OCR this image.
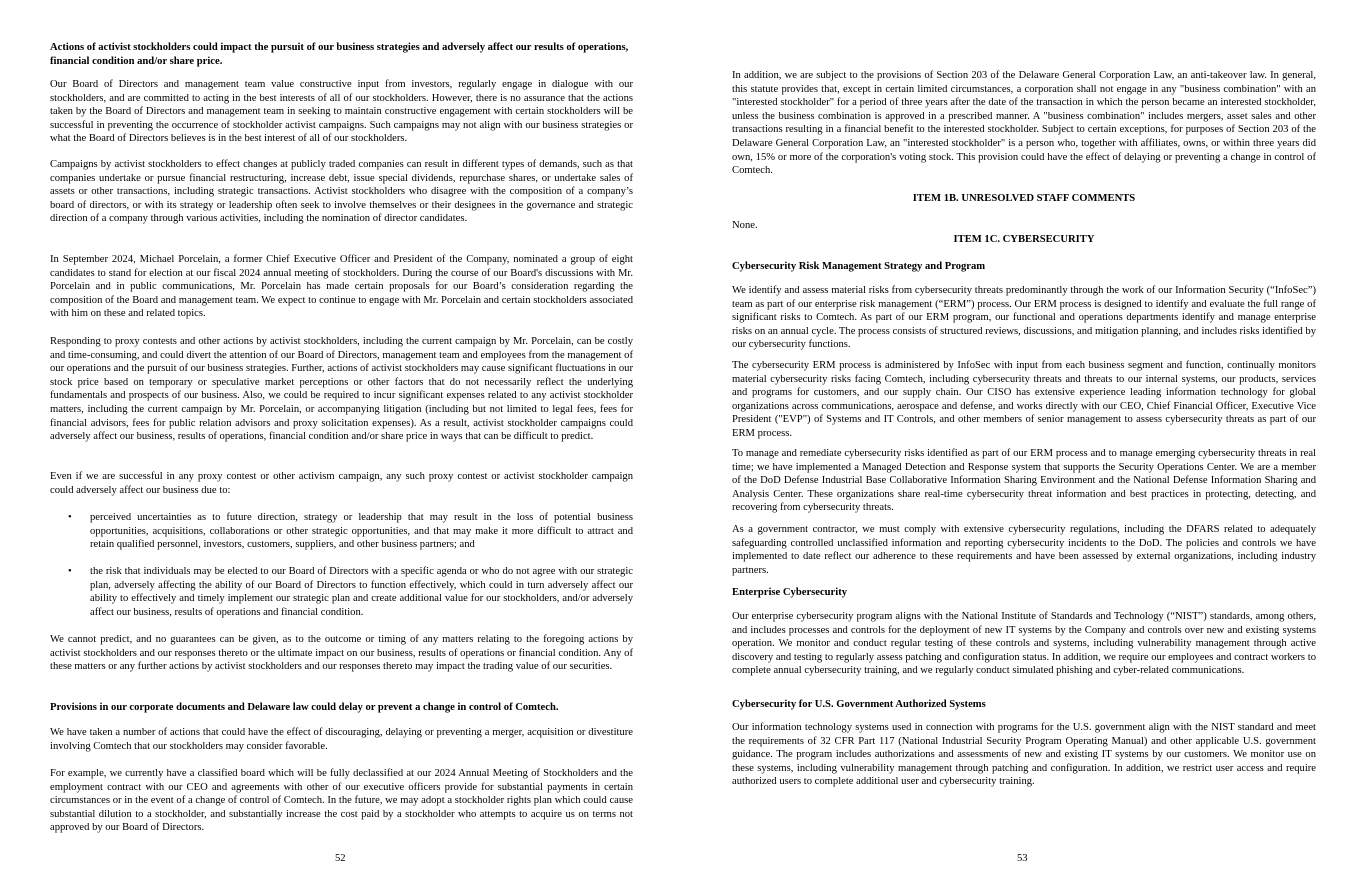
Actions of activist stockholders could impact the pursuit of our business strategies and adversely affect our results of operations, financial condition and/or share price.

Our Board of Directors and management team value constructive input from investors, regularly engage in dialogue with our stockholders, and are committed to acting in the best interests of all of our stockholders. However, there is no assurance that the actions taken by the Board of Directors and management team in seeking to maintain constructive engagement with certain stockholders will be successful in preventing the occurrence of stockholder activist campaigns. Such campaigns may not align with our business strategies or what the Board of Directors believes is in the best interest of all of our stockholders.

Campaigns by activist stockholders to effect changes at publicly traded companies can result in different types of demands, such as that companies undertake or pursue financial restructuring, increase debt, issue special dividends, repurchase shares, or undertake sales of assets or other transactions, including strategic transactions. Activist stockholders who disagree with the composition of a company’s board of directors, or with its strategy or leadership often seek to involve themselves or their designees in the governance and strategic direction of a company through various activities, including the nomination of director candidates.

In September 2024, Michael Porcelain, a former Chief Executive Officer and President of the Company, nominated a group of eight candidates to stand for election at our fiscal 2024 annual meeting of stockholders. During the course of our Board's discussions with Mr. Porcelain and in public communications, Mr. Porcelain has made certain proposals for our Board’s consideration regarding the composition of the Board and management team. We expect to continue to engage with Mr. Porcelain and certain stockholders associated with him on these and related topics.

Responding to proxy contests and other actions by activist stockholders, including the current campaign by Mr. Porcelain, can be costly and time-consuming, and could divert the attention of our Board of Directors, management team and employees from the management of our operations and the pursuit of our business strategies. Further, actions of activist stockholders may cause significant fluctuations in our stock price based on temporary or speculative market perceptions or other factors that do not necessarily reflect the underlying fundamentals and prospects of our business. Also, we could be required to incur significant expenses related to any activist stockholder matters, including the current campaign by Mr. Porcelain, or accompanying litigation (including but not limited to legal fees, fees for financial advisors, fees for public relation advisors and proxy solicitation expenses). As a result, activist stockholder campaigns could adversely affect our business, results of operations, financial condition and/or share price in ways that can be difficult to predict.

Even if we are successful in any proxy contest or other activism campaign, any such proxy contest or activist stockholder campaign could adversely affect our business due to:

• perceived uncertainties as to future direction, strategy or leadership that may result in the loss of potential business opportunities, acquisitions, collaborations or other strategic opportunities, and that may make it more difficult to attract and retain qualified personnel, investors, customers, suppliers, and other business partners; and

• the risk that individuals may be elected to our Board of Directors with a specific agenda or who do not agree with our strategic plan, adversely affecting the ability of our Board of Directors to function effectively, which could in turn adversely affect our ability to effectively and timely implement our strategic plan and create additional value for our stockholders, and/or adversely affect our business, results of operations and financial condition.

We cannot predict, and no guarantees can be given, as to the outcome or timing of any matters relating to the foregoing actions by activist stockholders and our responses thereto or the ultimate impact on our business, results of operations or financial condition. Any of these matters or any further actions by activist stockholders and our responses thereto may impact the trading value of our securities.

Provisions in our corporate documents and Delaware law could delay or prevent a change in control of Comtech.

We have taken a number of actions that could have the effect of discouraging, delaying or preventing a merger, acquisition or divestiture involving Comtech that our stockholders may consider favorable.

For example, we currently have a classified board which will be fully declassified at our 2024 Annual Meeting of Stockholders and the employment contract with our CEO and agreements with other of our executive officers provide for substantial payments in certain circumstances or in the event of a change of control of Comtech. In the future, we may adopt a stockholder rights plan which could cause substantial dilution to a stockholder, and substantially increase the cost paid by a stockholder who attempts to acquire us on terms not approved by our Board of Directors.

52

In addition, we are subject to the provisions of Section 203 of the Delaware General Corporation Law, an anti-takeover law. In general, this statute provides that, except in certain limited circumstances, a corporation shall not engage in any "business combination" with an "interested stockholder" for a period of three years after the date of the transaction in which the person became an interested stockholder, unless the business combination is approved in a prescribed manner. A "business combination" includes mergers, asset sales and other transactions resulting in a financial benefit to the interested stockholder. Subject to certain exceptions, for purposes of Section 203 of the Delaware General Corporation Law, an "interested stockholder" is a person who, together with affiliates, owns, or within three years did own, 15% or more of the corporation's voting stock. This provision could have the effect of delaying or preventing a change in control of Comtech.

ITEM 1B. UNRESOLVED STAFF COMMENTS

None.

ITEM 1C. CYBERSECURITY

Cybersecurity Risk Management Strategy and Program

We identify and assess material risks from cybersecurity threats predominantly through the work of our Information Security (“InfoSec”) team as part of our enterprise risk management (“ERM”) process. Our ERM process is designed to identify and evaluate the full range of significant risks to Comtech. As part of our ERM program, our functional and operations departments identify and manage enterprise risks on an annual cycle. The process consists of structured reviews, discussions, and mitigation planning, and includes risks identified by our cybersecurity functions.

The cybersecurity ERM process is administered by InfoSec with input from each business segment and function, continually monitors material cybersecurity risks facing Comtech, including cybersecurity threats and threats to our internal systems, our products, services and programs for customers, and our supply chain. Our CISO has extensive experience leading information technology for global organizations across communications, aerospace and defense, and works directly with our CEO, Chief Financial Officer, Executive Vice President ("EVP") of Systems and IT Controls, and other members of senior management to assess cybersecurity threats as part of our ERM process.

To manage and remediate cybersecurity risks identified as part of our ERM process and to manage emerging cybersecurity threats in real time; we have implemented a Managed Detection and Response system that supports the Security Operations Center. We are a member of the DoD Defense Industrial Base Collaborative Information Sharing Environment and the National Defense Information Sharing and Analysis Center. These organizations share real-time cybersecurity threat information and best practices in protecting, detecting, and recovering from cybersecurity threats.

As a government contractor, we must comply with extensive cybersecurity regulations, including the DFARS related to adequately safeguarding controlled unclassified information and reporting cybersecurity incidents to the DoD. The policies and controls we have implemented to date reflect our adherence to these requirements and have been assessed by external organizations, including industry partners.

Enterprise Cybersecurity

Our enterprise cybersecurity program aligns with the National Institute of Standards and Technology (“NIST”) standards, among others, and includes processes and controls for the deployment of new IT systems by the Company and controls over new and existing systems operation. We monitor and conduct regular testing of these controls and systems, including vulnerability management through active discovery and testing to regularly assess patching and configuration status. In addition, we require our employees and contract workers to complete annual cybersecurity training, and we regularly conduct simulated phishing and cyber-related communications.

Cybersecurity for U.S. Government Authorized Systems

Our information technology systems used in connection with programs for the U.S. government align with the NIST standard and meet the requirements of 32 CFR Part 117 (National Industrial Security Program Operating Manual) and other applicable U.S. government guidance. The program includes authorizations and assessments of new and existing IT systems by our customers. We monitor use on these systems, including vulnerability management through patching and configuration. In addition, we restrict user access and require authorized users to complete additional user and cybersecurity training.

53
